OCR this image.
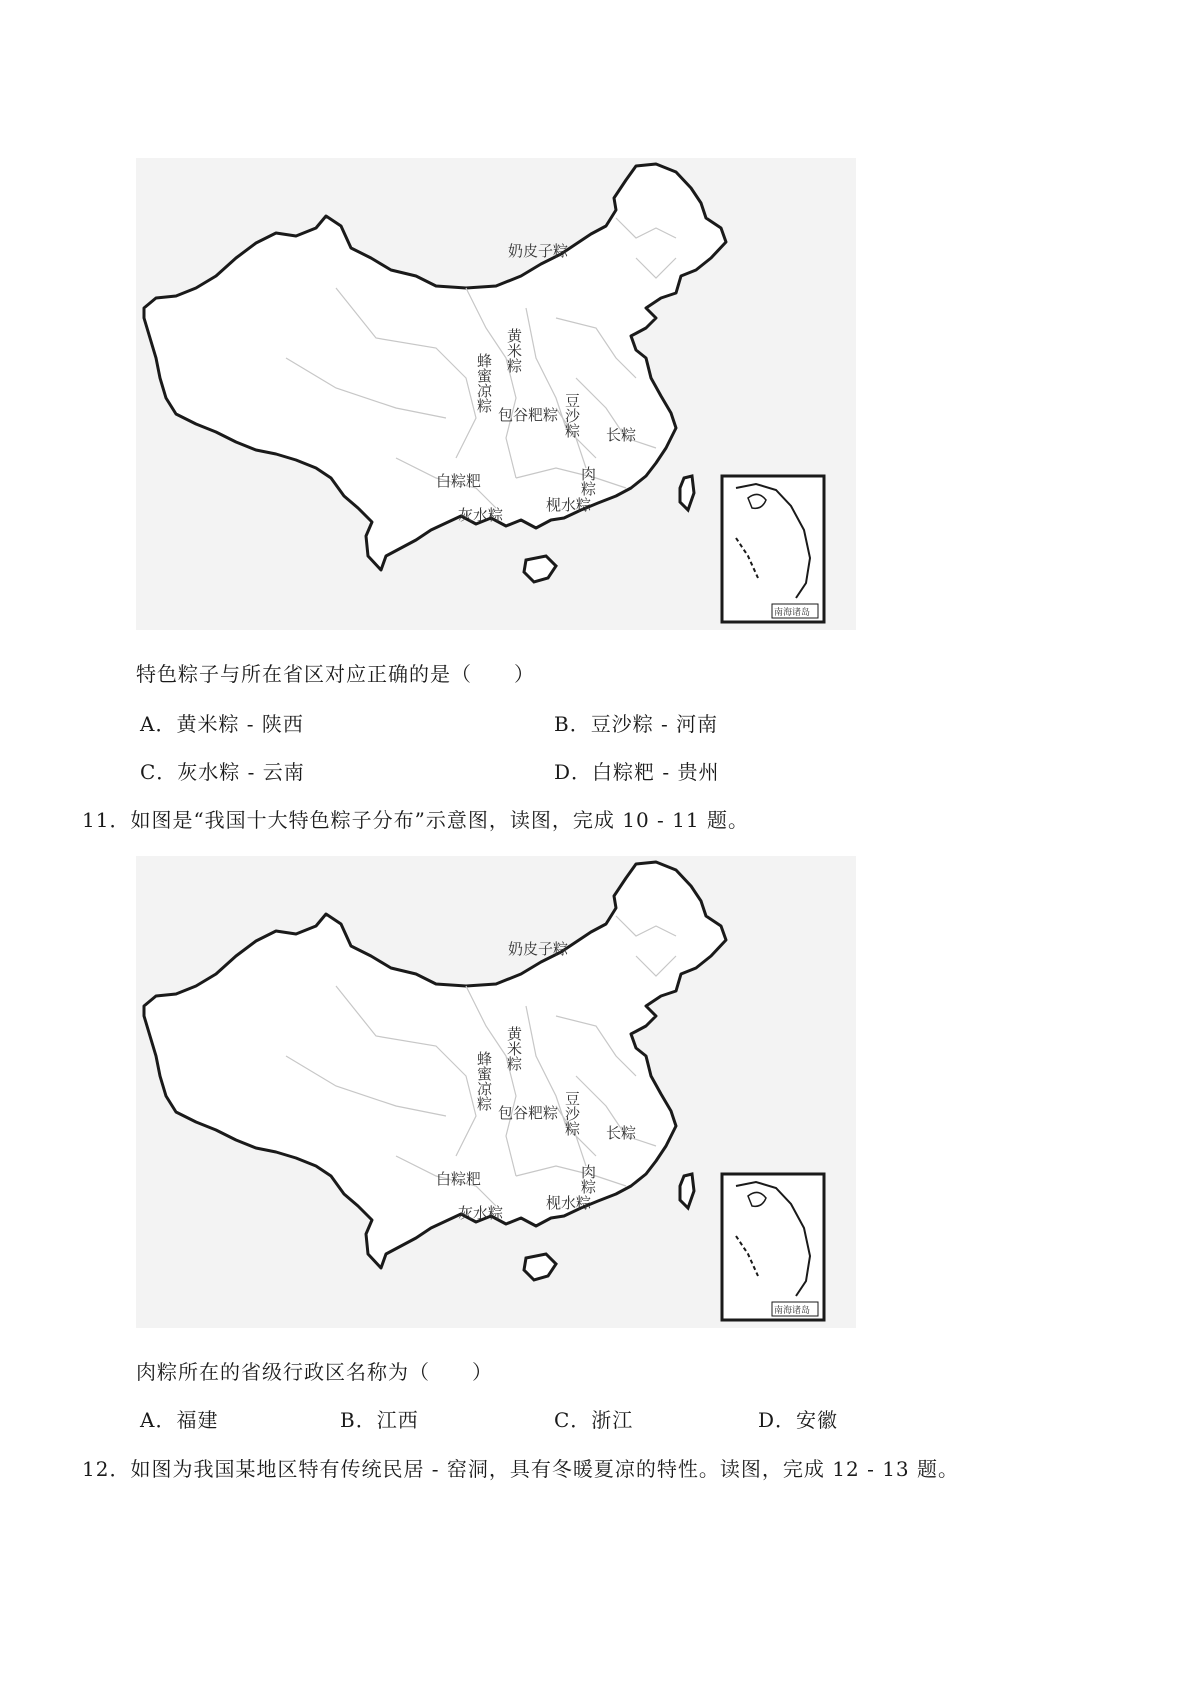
奶皮子粽
黄米粽
蜂蜜凉粽
豆沙粽
包谷粑粽
长粽
肉粽
白粽粑
灰水粽
枧水粽
南海诸岛
特色粽子与所在省区对应正确的是（　　）
A．黄米粽 - 陕西	B．豆沙粽 - 河南
C．灰水粽 - 云南	D．白粽粑 - 贵州
11．如图是“我国十大特色粽子分布”示意图，读图，完成 10 - 11 题。
奶皮子粽
黄米粽
蜂蜜凉粽
豆沙粽
包谷粑粽
长粽
肉粽
白粽粑
灰水粽
枧水粽
南海诸岛
肉粽所在的省级行政区名称为（　　）
A．福建	B．江西	C．浙江	D．安徽
12．如图为我国某地区特有传统民居 - 窑洞，具有冬暖夏凉的特性。读图，完成 12 - 13 题。
